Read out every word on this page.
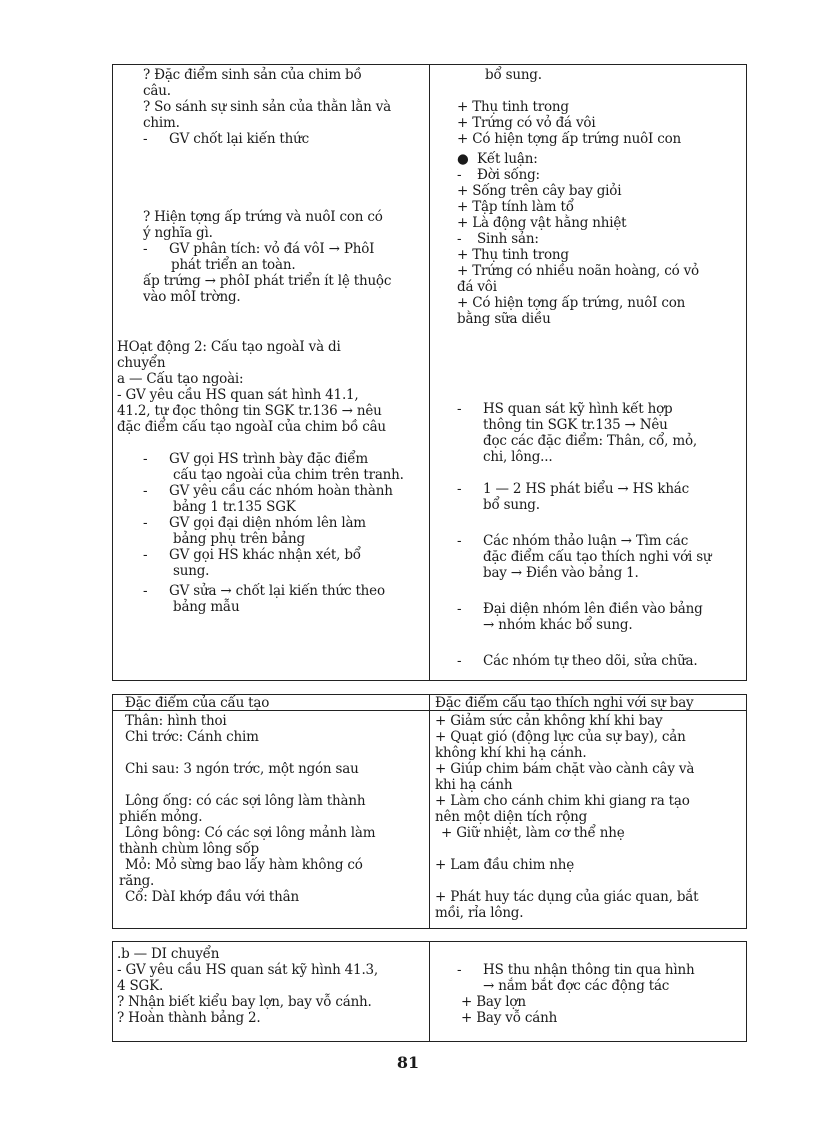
? Đặc điểm sinh sản của chim bồ
câu.
? So sánh sự sinh sản của thằn lằn và
chim.
- GV chốt lại kiến thức
? Hiện tợng ấp trứng và nuôI con có
ý nghĩa gì.
- GV phân tích: vỏ đá vôI → PhôI
phát triển an toàn.
ấp trứng → phôI phát triển ít lệ thuộc
vào môI trờng.
HOạt động 2: Cấu tạo ngoàI và di
chuyển
a — Cấu tạo ngoài:
- GV yêu cầu HS quan sát hình 41.1,
41.2, tự đọc thông tin SGK tr.136 → nêu
đặc điểm cấu tạo ngoàI của chim bồ câu
- GV gọi HS trình bày đặc điểm
cấu tạo ngoài của chim trên tranh.
- GV yêu cầu các nhóm hoàn thành
bảng 1 tr.135 SGK
- GV gọi đại diện nhóm lên làm
bảng phụ trên bảng
- GV gọi HS khác nhận xét, bổ
sung.
- GV sửa → chốt lại kiến thức theo
bảng mẫu
bổ sung.
+ Thụ tinh trong
+ Trứng có vỏ đá vôi
+ Có hiện tợng ấp trứng nuôI con
● Kết luận:
- Đời sống:
+ Sống trên cây bay giỏi
+ Tập tính làm tổ
+ Là động vật hằng nhiệt
- Sinh sản:
+ Thụ tinh trong
+ Trứng có nhiều noãn hoàng, có vỏ
đá vôi
+ Có hiện tợng ấp trứng, nuôI con
bằng sữa diều
- HS quan sát kỹ hình kết hợp
thông tin SGK tr.135 → Nêu
đọc các đặc điểm: Thân, cổ, mỏ,
chi, lông...
- 1 — 2 HS phát biểu → HS khác
bổ sung.
- Các nhóm thảo luận → Tìm các
đặc điểm cấu tạo thích nghi với sự
bay → Điền vào bảng 1.
- Đại diện nhóm lên điền vào bảng
→ nhóm khác bổ sung.
- Các nhóm tự theo dõi, sửa chữa.
Đặc điểm của cấu tạo	Đặc điểm cấu tạo thích nghi với sự bay
Thân: hình thoi
Chi trớc: Cánh chim
Chi sau: 3 ngón trớc, một ngón sau
Lông ống: có các sợi lông làm thành
phiến mỏng.
Lông bông: Có các sợi lông mảnh làm
thành chùm lông sốp
Mỏ: Mỏ sừng bao lấy hàm không có
răng.
Cổ: DàI khớp đầu với thân
+ Giảm sức cản không khí khi bay
+ Quạt gió (động lực của sự bay), cản
không khí khi hạ cánh.
+ Giúp chim bám chặt vào cành cây và
khi hạ cánh
+ Làm cho cánh chim khi giang ra tạo
nên một diện tích rộng
+ Giữ nhiệt, làm cơ thể nhẹ
+ Lam đầu chim nhẹ
+ Phát huy tác dụng của giác quan, bắt
mồi, rỉa lông.
.b — DI chuyển
- GV yêu cầu HS quan sát kỹ hình 41.3,
4 SGK.
? Nhận biết kiểu bay lợn, bay vỗ cánh.
? Hoàn thành bảng 2.
- HS thu nhận thông tin qua hình
→ nắm bắt đợc các động tác
+ Bay lợn
+ Bay vỗ cánh
81
